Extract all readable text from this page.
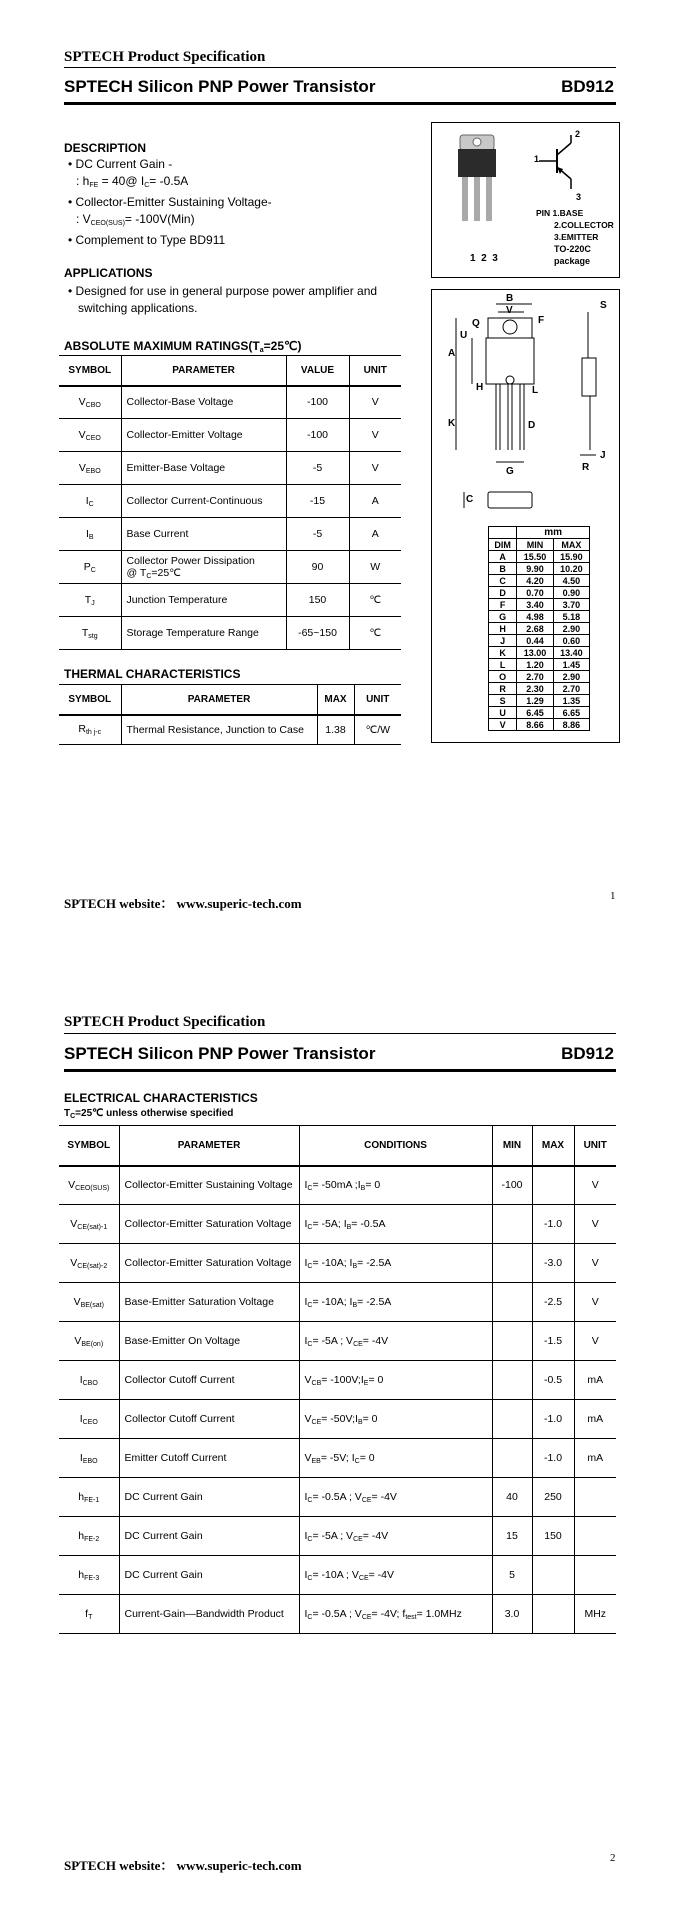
SPTECH Product Specification
SPTECH Silicon PNP Power Transistor	BD912
DESCRIPTION
• DC Current Gain -
: $h_{FE}$ = 40@ $I_C= -0.5A$
• Collector-Emitter Sustaining Voltage-
: $V_{CEO(SUS)}= -100V(Min)$
• Complement to Type BD911
APPLICATIONS
• Designed for use in general purpose power amplifier and switching applications.
ABSOLUTE MAXIMUM $RATINGS(T_a=25℃)$
SYMBOL	PARAMETER	VALUE	UNIT
$V_{CBO}$	Collector-Base Voltage	-100	V
$V_{CEO}$	Collector-Emitter Voltage	-100	V
$V_{EBO}$	Emitter-Base Voltage	-5	V
$I_C$	Collector Current-Continuous	-15	A
$I_B$	Base Current	-5	A
$P_C$	Collector Power Dissipation
@ $T_C=25℃$	90	W
$T_J$	Junction Temperature	150	℃
$T_{stg}$	Storage Temperature Range	-65~150	℃
THERMAL CHARACTERISTICS
SYMBOL	PARAMETER	MAX	UNIT
$R_{th j-c}$	Thermal Resistance, Junction to Case	1.38	℃/W
2
1
3
PIN 1.BASE
2.COLLECTOR
3.EMITTER
TO-220C package
1  2  3
B
V	S
Q
U
F
A
H	L
K	D
G	R
J
C
	mm	
DIM	MIN	MAX
A	15.50	15.90
B	9.90	10.20
C	4.20	4.50
D	0.70	0.90
F	3.40	3.70
G	4.98	5.18
H	2.68	2.90
J	0.44	0.60
K	13.00	13.40
L	1.20	1.45
O	2.70	2.90
R	2.30	2.70
S	1.29	1.35
U	6.45	6.65
V	8.66	8.86
SPTECH website： www.superic-tech.com	1
SPTECH Product Specification
SPTECH Silicon PNP Power Transistor	BD912
ELECTRICAL CHARACTERISTICS
$T_C=25℃$ unless otherwise specified
SYMBOL	PARAMETER	CONDITIONS	MIN	MAX	UNIT
$V_{CEO(SUS)}$	Collector-Emitter Sustaining Voltage	$I_C= -50mA$ $;I_B= 0$	-100		V
$V_{CE(sat)-1}$	Collector-Emitter Saturation Voltage	$I_C= -5A$; $I_B= -0.5A$		-1.0	V
$V_{CE(sat)-2}$	Collector-Emitter Saturation Voltage	$I_C= -10A$; $I_B= -2.5A$		-3.0	V
$V_{BE(sat)}$	Base-Emitter Saturation Voltage	$I_C= -10A$; $I_B= -2.5A$		-2.5	V
$V_{BE(on)}$	Base-Emitter On Voltage	$I_C= -5A$ ; $V_{CE}= -4V$		-1.5	V
$I_{CBO}$	Collector Cutoff Current	$V_{CB}=$ $-100V;I_E= 0$		-0.5	mA
$I_{CEO}$	Collector Cutoff Current	$V_{CE}=$ $-50V;I_B= 0$		-1.0	mA
$I_{EBO}$	Emitter Cutoff Current	$V_{EB}= -5V$; $I_C= 0$		-1.0	mA
$h_{FE-1}$	DC Current Gain	$I_C= -0.5A$ ; $V_{CE}= -4V$	40	250	
$h_{FE-2}$	DC Current Gain	$I_C= -5A$ ; $V_{CE}= -4V$	15	150	
$h_{FE-3}$	DC Current Gain	$I_C= -10A$ ; $V_{CE}= -4V$	5		
$f_T$	Current-Gain—Bandwidth Product	$I_C= -0.5A$ ; $V_{CE}= -4V$; $f_{test}= 1.0MHz$	3.0		MHz
SPTECH website： www.superic-tech.com	2
